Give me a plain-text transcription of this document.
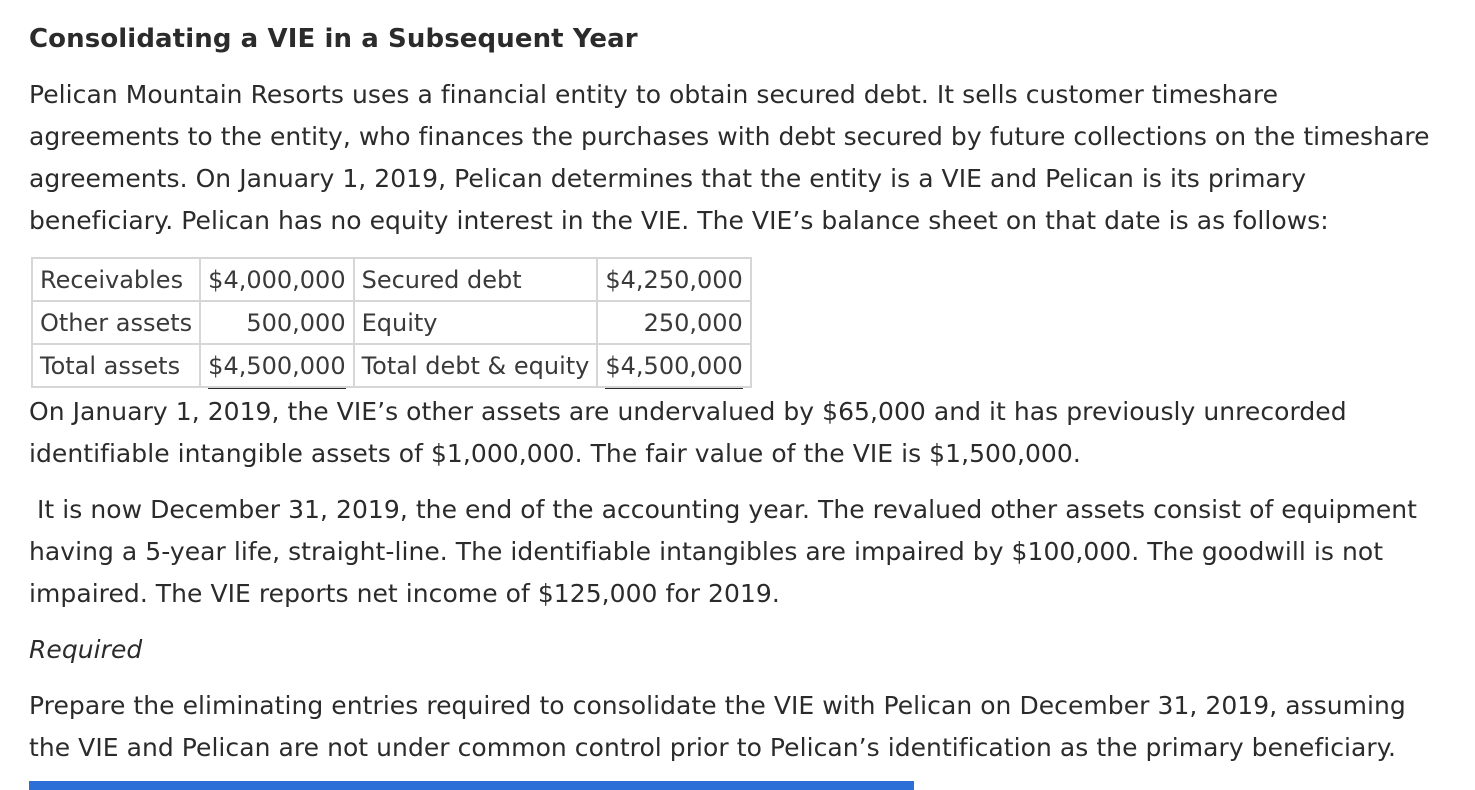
Consolidating a VIE in a Subsequent Year
Pelican Mountain Resorts uses a financial entity to obtain secured debt. It sells customer timeshare
agreements to the entity, who finances the purchases with debt secured by future collections on the timeshare
agreements. On January 1, 2019, Pelican determines that the entity is a VIE and Pelican is its primary
beneficiary. Pelican has no equity interest in the VIE. The VIE’s balance sheet on that date is as follows:
Receivables	$4,000,000	Secured debt	$4,250,000
Other assets	500,000	Equity	250,000
Total assets	$4,500,000	Total debt & equity	$4,500,000
On January 1, 2019, the VIE’s other assets are undervalued by $65,000 and it has previously unrecorded
identifiable intangible assets of $1,000,000. The fair value of the VIE is $1,500,000.
It is now December 31, 2019, the end of the accounting year. The revalued other assets consist of equipment
having a 5-year life, straight-line. The identifiable intangibles are impaired by $100,000. The goodwill is not
impaired. The VIE reports net income of $125,000 for 2019.
Required
Prepare the eliminating entries required to consolidate the VIE with Pelican on December 31, 2019, assuming
the VIE and Pelican are not under common control prior to Pelican’s identification as the primary beneficiary.
